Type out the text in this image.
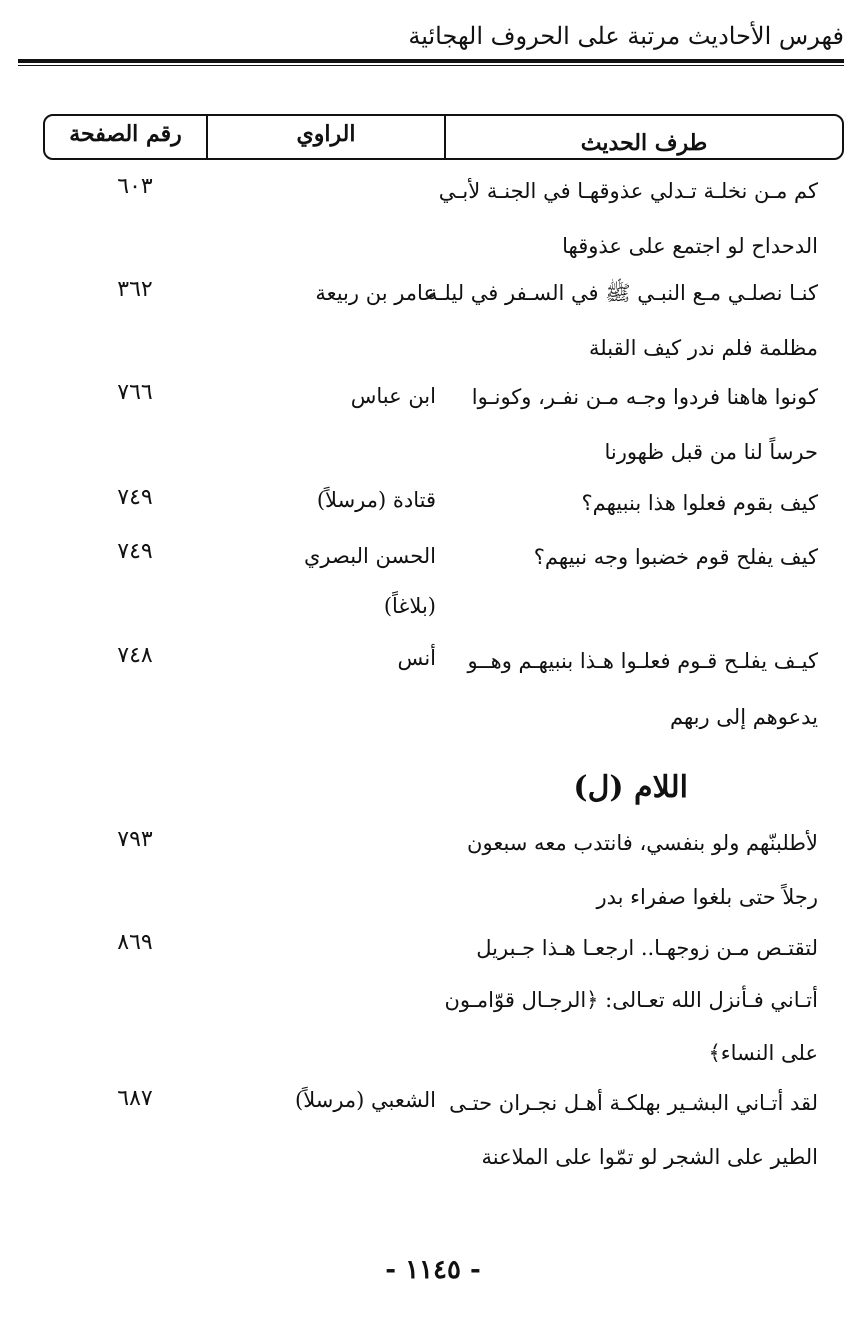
فهرس الأحاديث مرتبة على الحروف الهجائية
طرف الحديث
الراوي
رقم الصفحة
كم مـن نخلـة تـدلي عذوقهـا في الجنـة لأبـي
٦٠٣
الدحداح لو اجتمع على عذوقها
كنـا نصلـي مـع النبـي ﷺ في السـفر في ليلـة
عامر بن ربيعة
٣٦٢
مظلمة فلم ندر كيف القبلة
كونوا هاهنا فردوا وجـه مـن نفـر، وكونـوا
ابن عباس
٧٦٦
حرساً لنا من قبل ظهورنا
كيف بقوم فعلوا هذا بنبيهم؟
قتادة (مرسلاً)
٧٤٩
كيف يفلح قوم خضبوا وجه نبيهم؟
الحسن البصري
٧٤٩
(بلاغاً)
كيـف يفلـح قـوم فعلـوا هـذا بنبيهـم وهــو
أنس
٧٤٨
يدعوهم إلى ربهم
اللام (ل)
لأطلبنّهم ولو بنفسي، فانتدب معه سبعون
٧٩٣
رجلاً حتى بلغوا صفراء بدر
لتقتـص مـن زوجهـا.. ارجعـا هـذا جـبريل
٨٦٩
أتـاني فـأنزل الله تعـالى: ﴿الرجـال قوّامـون
على النساء﴾
لقد أتـاني البشـير بهلكـة أهـل نجـران حتـى
الشعبي (مرسلاً)
٦٨٧
الطير على الشجر لو تمّوا على الملاعنة
- ١١٤٥ -
